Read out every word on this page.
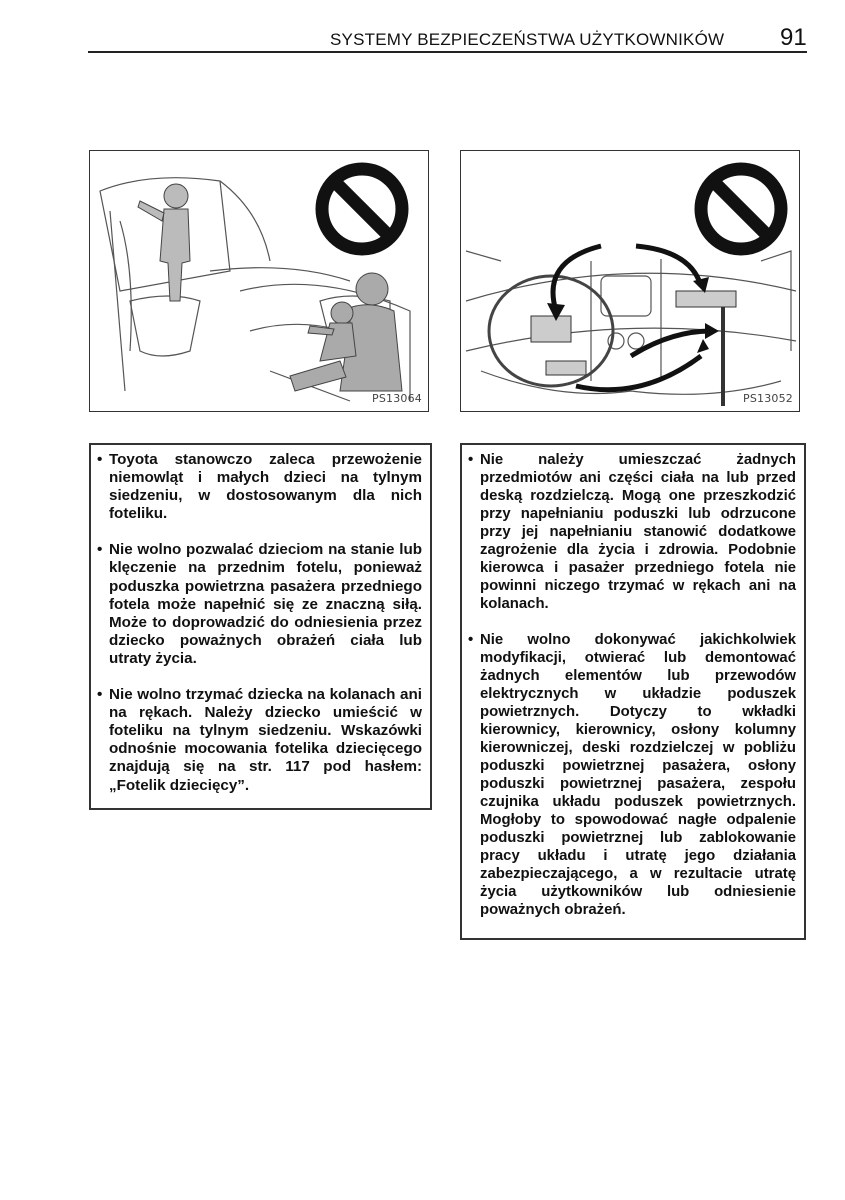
SYSTEMY BEZPIECZEŃSTWA UŻYTKOWNIKÓW 91
PS13064	PS13052

• Toyota stanowczo zaleca przewożenie niemowląt i małych dzieci na tylnym siedzeniu, w dostosowanym dla nich foteliku.

• Nie wolno pozwalać dzieciom na stanie lub klęczenie na przednim fotelu, ponieważ poduszka powietrzna pasażera przedniego fotela może napełnić się ze znaczną siłą. Może to doprowadzić do odniesienia przez dziecko poważnych obrażeń ciała lub utraty życia.

• Nie wolno trzymać dziecka na kolanach ani na rękach. Należy dziecko umieścić w foteliku na tylnym siedzeniu. Wskazówki odnośnie mocowania fotelika dziecięcego znajdują się na str. 117 pod hasłem: „Fotelik dziecięcy”.

• Nie należy umieszczać żadnych przedmiotów ani części ciała na lub przed deską rozdzielczą. Mogą one przeszkodzić przy napełnianiu poduszki lub odrzucone przy jej napełnianiu stanowić dodatkowe zagrożenie dla życia i zdrowia. Podobnie kierowca i pasażer przedniego fotela nie powinni niczego trzymać w rękach ani na kolanach.

• Nie wolno dokonywać jakichkolwiek modyfikacji, otwierać lub demontować żadnych elementów lub przewodów elektrycznych w układzie poduszek powietrznych. Dotyczy to wkładki kierownicy, kierownicy, osłony kolumny kierowniczej, deski rozdzielczej w pobliżu poduszki powietrznej pasażera, osłony poduszki powietrznej pasażera, zespołu czujnika układu poduszek powietrznych. Mogłoby to spowodować nagłe odpalenie poduszki powietrznej lub zablokowanie pracy układu i utratę jego działania zabezpieczającego, a w rezultacie utratę życia użytkowników lub odniesienie poważnych obrażeń.
